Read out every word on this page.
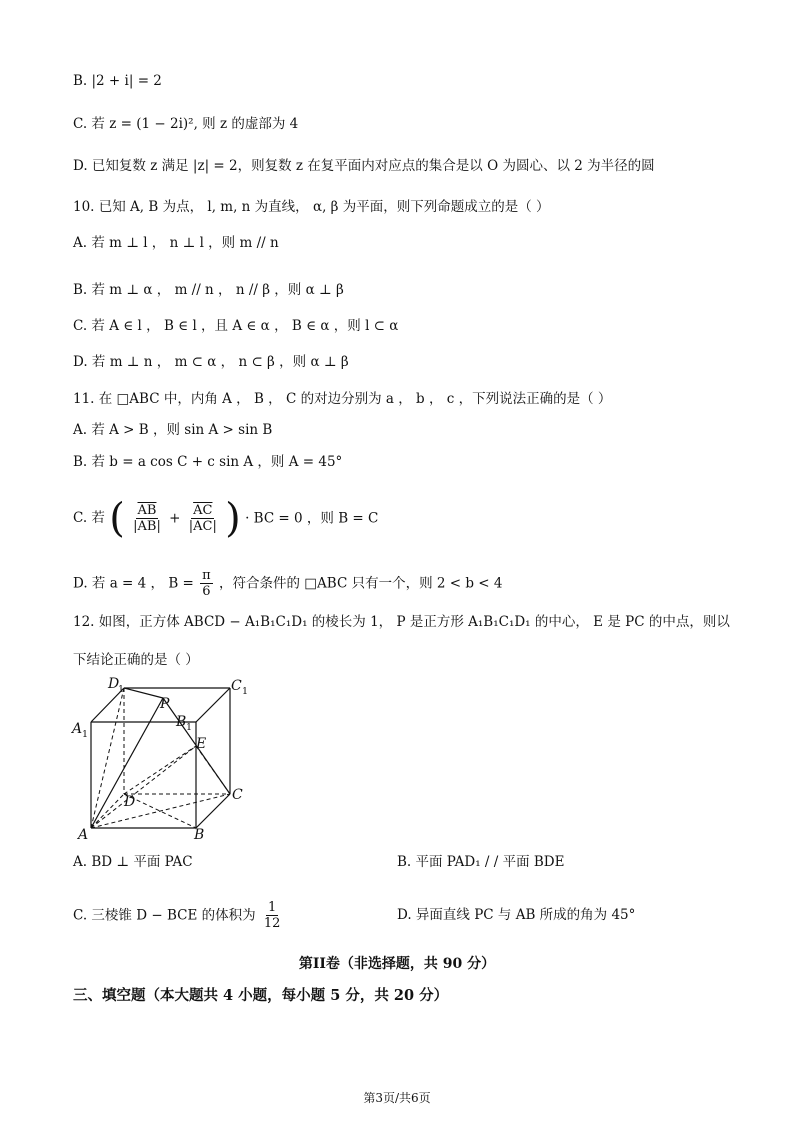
B. |2 + i| = 2
C. 若 z = (1 − 2i)², 则 z 的虚部为 4
D. 已知复数 z 满足 |z| = 2，则复数 z 在复平面内对应点的集合是以 O 为圆心、以 2 为半径的圆
10. 已知 A, B 为点， l, m, n 为直线， α, β 为平面，则下列命题成立的是（ ）
A. 若 m ⊥ l ， n ⊥ l ，则 m // n
B. 若 m ⊥ α ， m // n ， n // β ，则 α ⊥ β
C. 若 A ∈ l ， B ∈ l ，且 A ∈ α ， B ∈ α ，则 l ⊂ α
D. 若 m ⊥ n ， m ⊂ α ， n ⊂ β ，则 α ⊥ β
11. 在 □ABC 中，内角 A ， B ， C 的对边分别为 a ， b ， c ，下列说法正确的是（ ）
A. 若 A > B ，则 sin A > sin B
B. 若 b = a cos C + c sin A ，则 A = 45°
C. 若 ( $\frac{\overline{AB}}{|AB|} + \frac{\overline{AC}}{|AC|}$ ) · BC = 0 ，则 B = C
D. 若 a = 4 ， $B = \frac{\pi}{6}$ ，符合条件的 □ABC 只有一个，则 2 < b < 4
12. 如图，正方体 ABCD − A₁B₁C₁D₁ 的棱长为 1， P 是正方形 A₁B₁C₁D₁ 的中心， E 是 PC 的中点，则以
下结论正确的是（ ）
D
1	C 1
A 1
B 1
P
E
D	C
A	B
A. BD ⊥ 平面 PAC	B. 平面 PAD₁ / / 平面 BDE
C. 三棱锥 D − BCE 的体积为 $\frac{1}{12}$	D. 异面直线 PC 与 AB 所成的角为 45°
第II卷（非选择题，共 90 分）
三、填空题（本大题共 4 小题，每小题 5 分，共 20 分）
第3页/共6页
